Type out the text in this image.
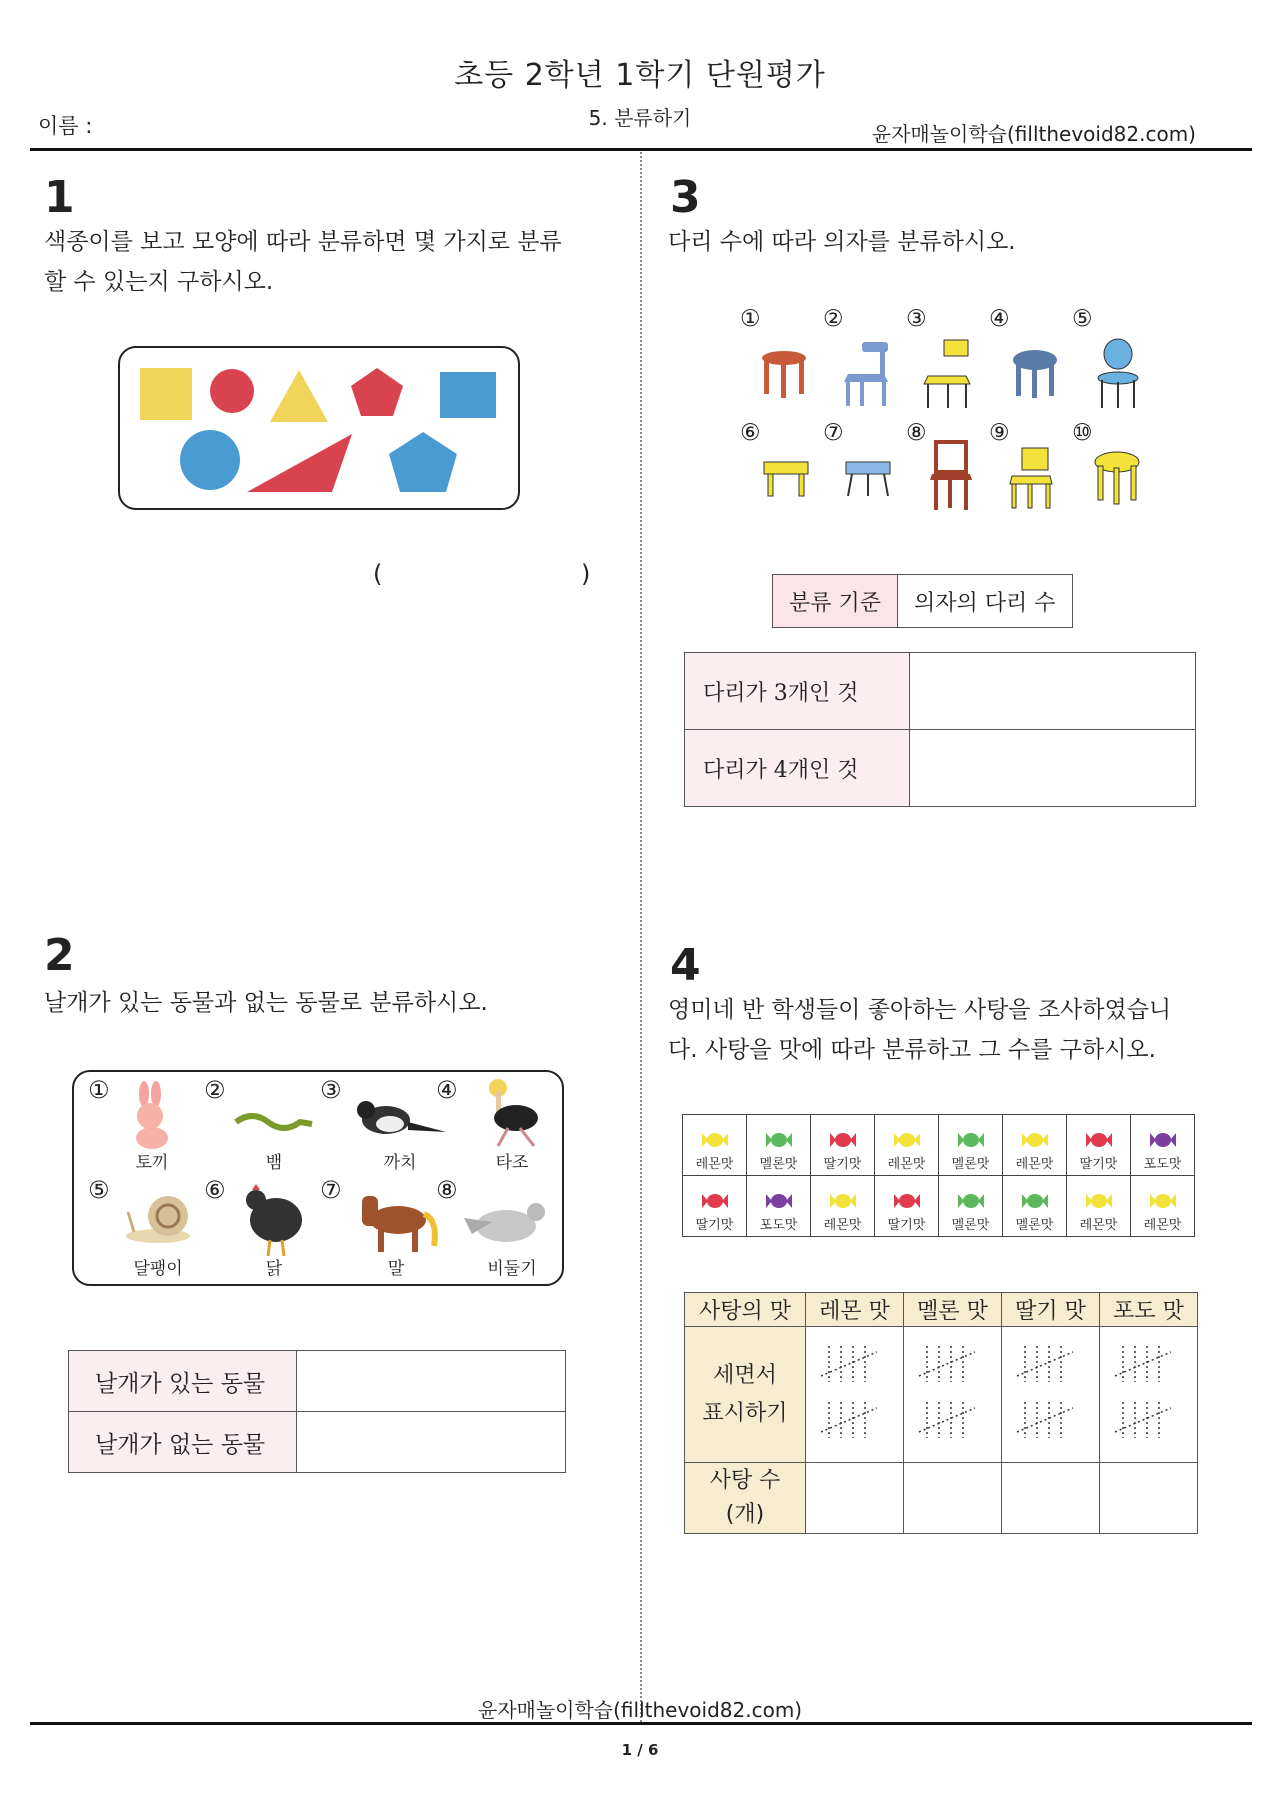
초등 2학년 1학기 단원평가
5. 분류하기
이름 :	윤자매놀이학습(fillthevoid82.com)
1
색종이를 보고 모양에 따라 분류하면 몇 가지로 분류
할 수 있는지 구하시오.
(	)
2
날개가 있는 동물과 없는 동물로 분류하시오.
①	②	③	④
⑤	⑥	⑦	⑧
토끼	뱀	까치	타조
달팽이	닭	말	비둘기
날개가 있는 동물	
날개가 없는 동물	
3
다리 수에 따라 의자를 분류하시오.
①	②	③	④	⑤
⑥	⑦	⑧	⑨	⑩
분류 기준	의자의 다리 수
다리가 3개인 것	
다리가 4개인 것	
4
영미네 반 학생들이 좋아하는 사탕을 조사하였습니
다. 사탕을 맛에 따라 분류하고 그 수를 구하시오.
레몬맛	멜론맛	딸기맛	레몬맛	멜론맛	레몬맛	딸기맛	포도맛

딸기맛	포도맛	레몬맛	딸기맛	멜론맛	멜론맛	레몬맛	레몬맛
사탕의 맛	레몬 맛	멜론 맛	딸기 맛	포도 맛

세면서
표시하기

사탕 수
(개)				

윤자매놀이학습(fillthevoid82.com)
1 / 6
